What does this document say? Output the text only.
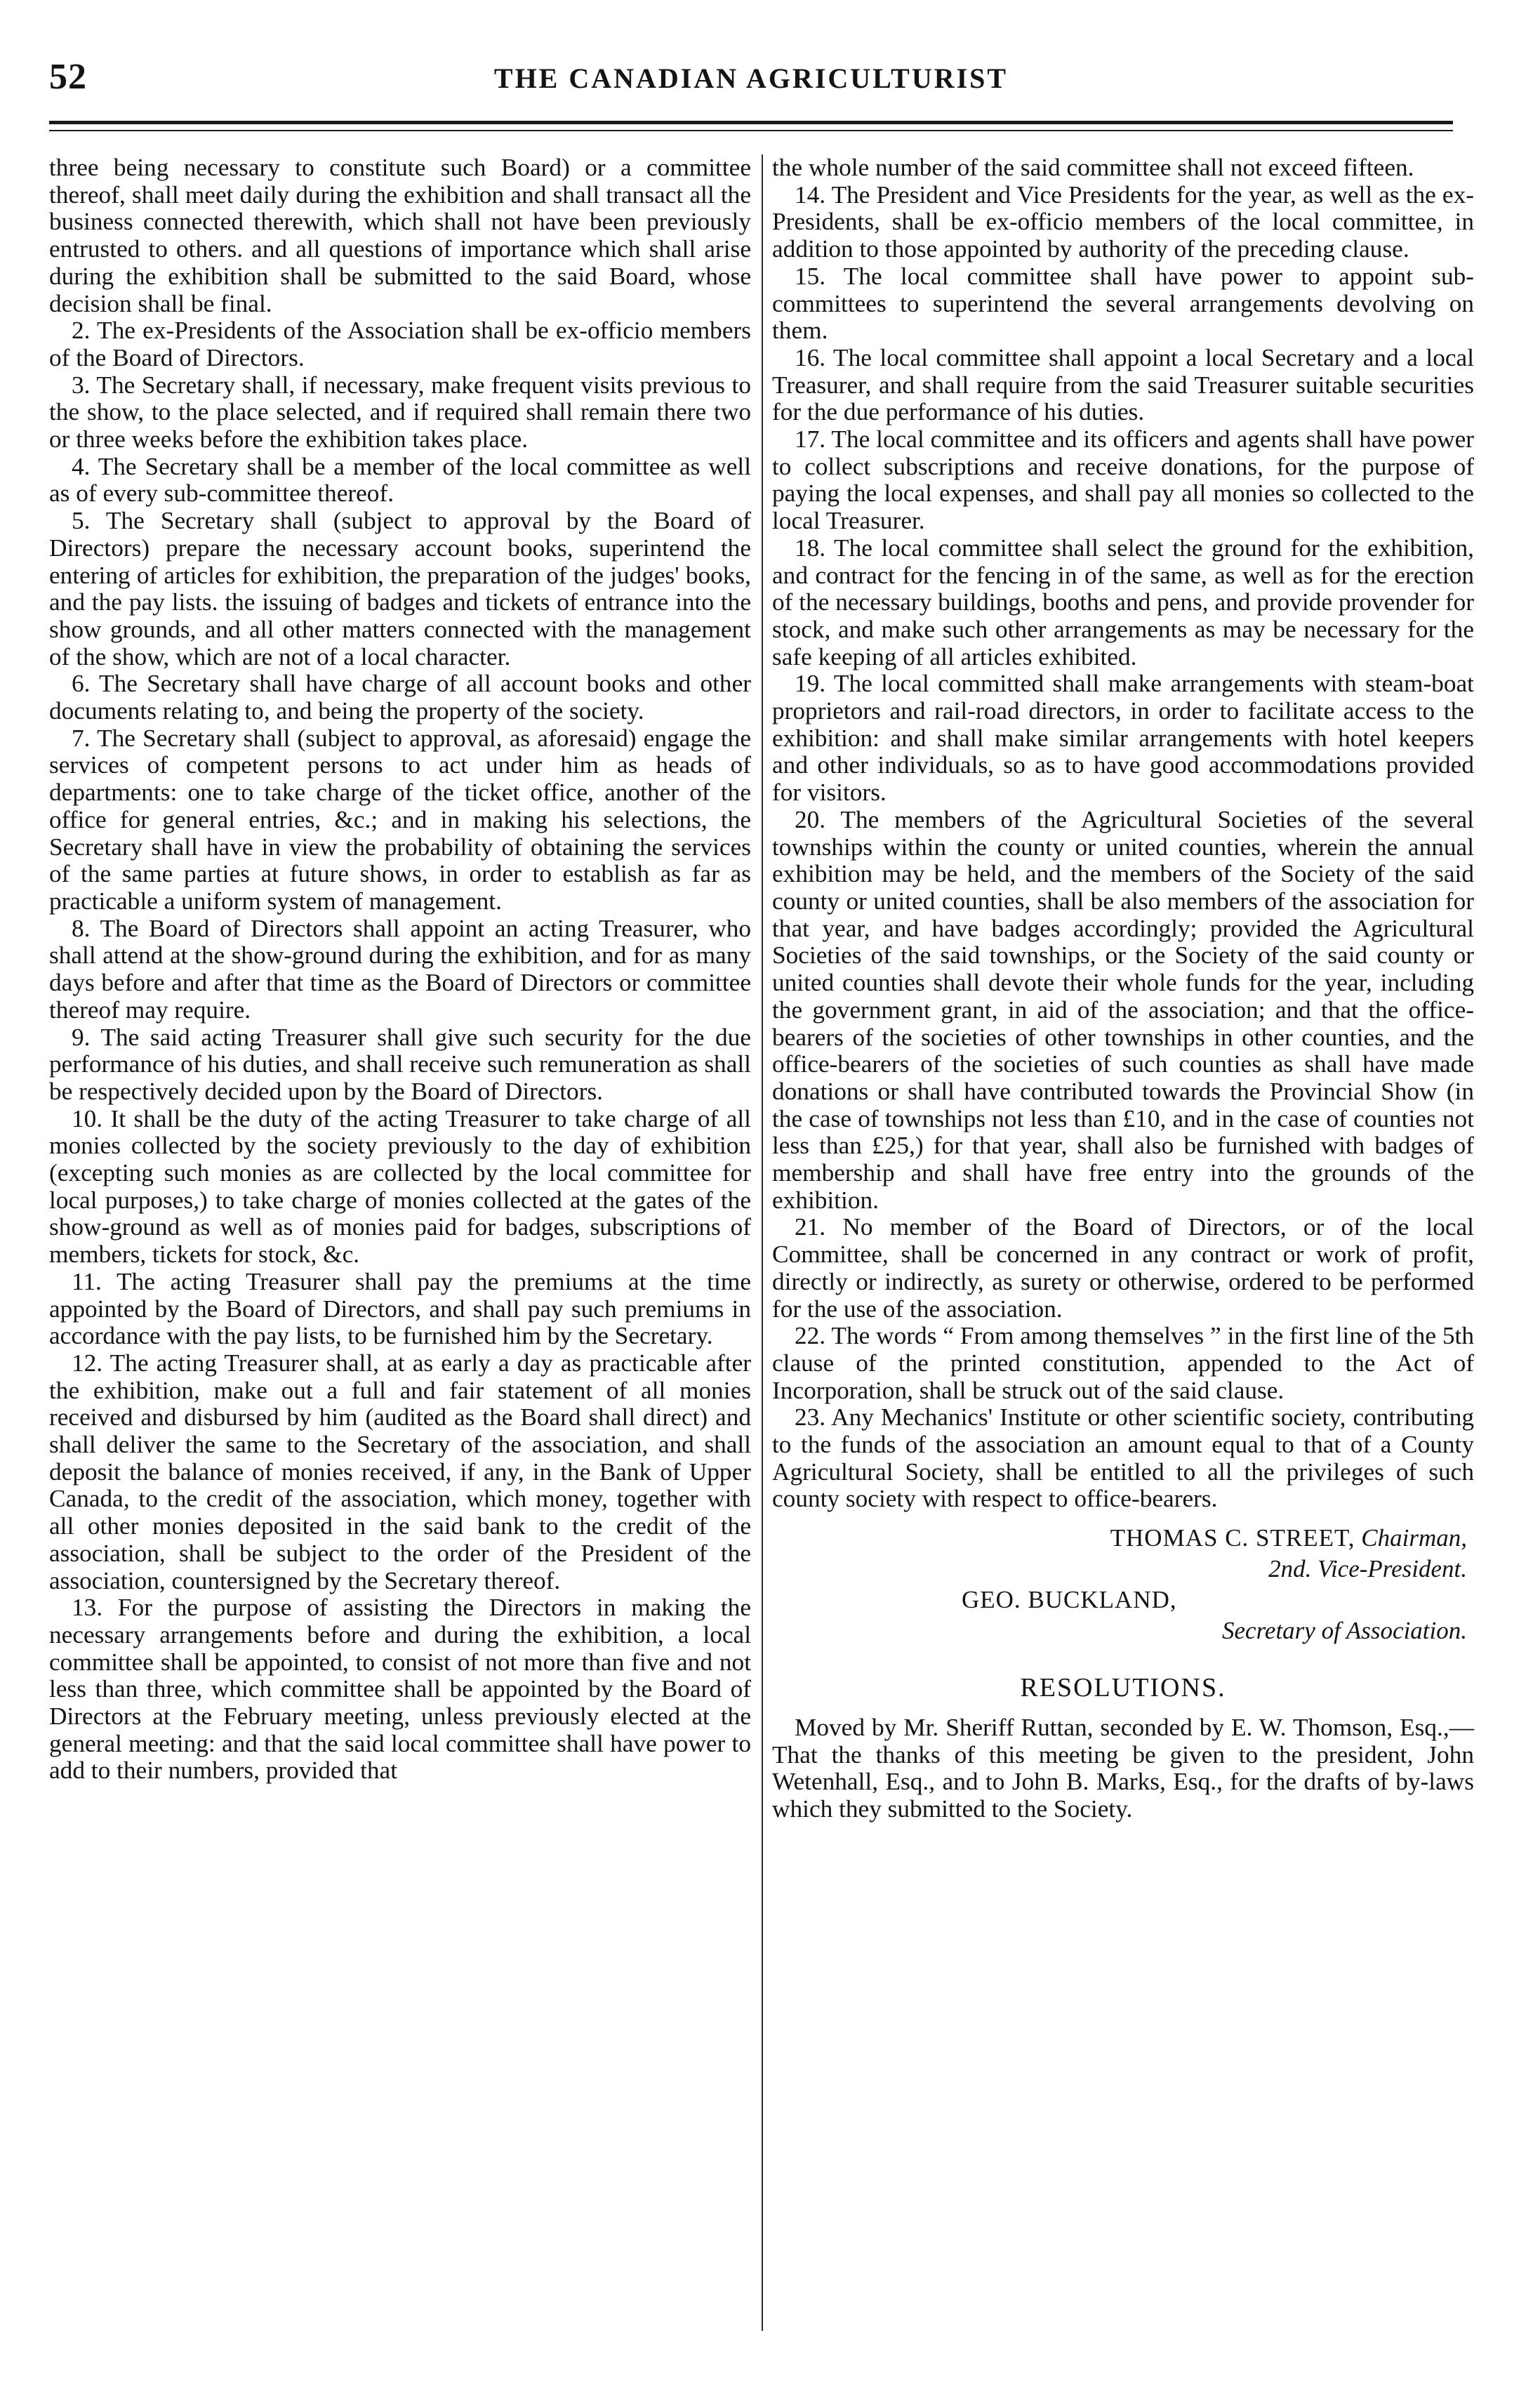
52	THE CANADIAN AGRICULTURIST

three being necessary to constitute such Board) or a committee thereof, shall meet daily during the exhibition and shall transact all the business connected therewith, which shall not have been previously entrusted to others. and all questions of importance which shall arise during the exhibition shall be submitted to the said Board, whose decision shall be final.

2. The ex-Presidents of the Association shall be ex-officio members of the Board of Directors.

3. The Secretary shall, if necessary, make frequent visits previous to the show, to the place selected, and if required shall remain there two or three weeks before the exhibition takes place.

4. The Secretary shall be a member of the local committee as well as of every sub-committee thereof.

5. The Secretary shall (subject to approval by the Board of Directors) prepare the necessary account books, superintend the entering of articles for exhibition, the preparation of the judges' books, and the pay lists. the issuing of badges and tickets of entrance into the show grounds, and all other matters connected with the management of the show, which are not of a local character.

6. The Secretary shall have charge of all account books and other documents relating to, and being the property of the society.

7. The Secretary shall (subject to approval, as aforesaid) engage the services of competent persons to act under him as heads of departments: one to take charge of the ticket office, another of the office for general entries, &c.; and in making his selections, the Secretary shall have in view the probability of obtaining the services of the same parties at future shows, in order to establish as far as practicable a uniform system of management.

8. The Board of Directors shall appoint an acting Treasurer, who shall attend at the show-ground during the exhibition, and for as many days before and after that time as the Board of Directors or committee thereof may require.

9. The said acting Treasurer shall give such security for the due performance of his duties, and shall receive such remuneration as shall be respectively decided upon by the Board of Directors.

10. It shall be the duty of the acting Treasurer to take charge of all monies collected by the society previously to the day of exhibition (excepting such monies as are collected by the local committee for local purposes,) to take charge of monies collected at the gates of the show-ground as well as of monies paid for badges, subscriptions of members, tickets for stock, &c.

11. The acting Treasurer shall pay the premiums at the time appointed by the Board of Directors, and shall pay such premiums in accordance with the pay lists, to be furnished him by the Secretary.

12. The acting Treasurer shall, at as early a day as practicable after the exhibition, make out a full and fair statement of all monies received and disbursed by him (audited as the Board shall direct) and shall deliver the same to the Secretary of the association, and shall deposit the balance of monies received, if any, in the Bank of Upper Canada, to the credit of the association, which money, together with all other monies deposited in the said bank to the credit of the association, shall be subject to the order of the President of the association, countersigned by the Secretary thereof.

13. For the purpose of assisting the Directors in making the necessary arrangements before and during the exhibition, a local committee shall be appointed, to consist of not more than five and not less than three, which committee shall be appointed by the Board of Directors at the February meeting, unless previously elected at the general meeting: and that the said local committee shall have power to add to their numbers, provided that

the whole number of the said committee shall not exceed fifteen.

14. The President and Vice Presidents for the year, as well as the ex-Presidents, shall be ex-officio members of the local committee, in addition to those appointed by authority of the preceding clause.

15. The local committee shall have power to appoint sub-committees to superintend the several arrangements devolving on them.

16. The local committee shall appoint a local Secretary and a local Treasurer, and shall require from the said Treasurer suitable securities for the due performance of his duties.

17. The local committee and its officers and agents shall have power to collect subscriptions and receive donations, for the purpose of paying the local expenses, and shall pay all monies so collected to the local Treasurer.

18. The local committee shall select the ground for the exhibition, and contract for the fencing in of the same, as well as for the erection of the necessary buildings, booths and pens, and provide provender for stock, and make such other arrangements as may be necessary for the safe keeping of all articles exhibited.

19. The local committed shall make arrangements with steam-boat proprietors and rail-road directors, in order to facilitate access to the exhibition: and shall make similar arrangements with hotel keepers and other individuals, so as to have good accommodations provided for visitors.

20. The members of the Agricultural Societies of the several townships within the county or united counties, wherein the annual exhibition may be held, and the members of the Society of the said county or united counties, shall be also members of the association for that year, and have badges accordingly; provided the Agricultural Societies of the said townships, or the Society of the said county or united counties shall devote their whole funds for the year, including the government grant, in aid of the association; and that the office-bearers of the societies of other townships in other counties, and the office-bearers of the societies of such counties as shall have made donations or shall have contributed towards the Provincial Show (in the case of townships not less than £10, and in the case of counties not less than £25,) for that year, shall also be furnished with badges of membership and shall have free entry into the grounds of the exhibition.

21. No member of the Board of Directors, or of the local Committee, shall be concerned in any contract or work of profit, directly or indirectly, as surety or otherwise, ordered to be performed for the use of the association.

22. The words “ From among themselves ” in the first line of the 5th clause of the printed constitution, appended to the Act of Incorporation, shall be struck out of the said clause.

23. Any Mechanics' Institute or other scientific society, contributing to the funds of the association an amount equal to that of a County Agricultural Society, shall be entitled to all the privileges of such county society with respect to office-bearers.

THOMAS C. STREET, Chairman,
2nd. Vice-President.
GEO. BUCKLAND,
Secretary of Association.
RESOLUTIONS.

Moved by Mr. Sheriff Ruttan, seconded by E. W. Thomson, Esq.,—That the thanks of this meeting be given to the president, John Wetenhall, Esq., and to John B. Marks, Esq., for the drafts of by-laws which they submitted to the Society.
